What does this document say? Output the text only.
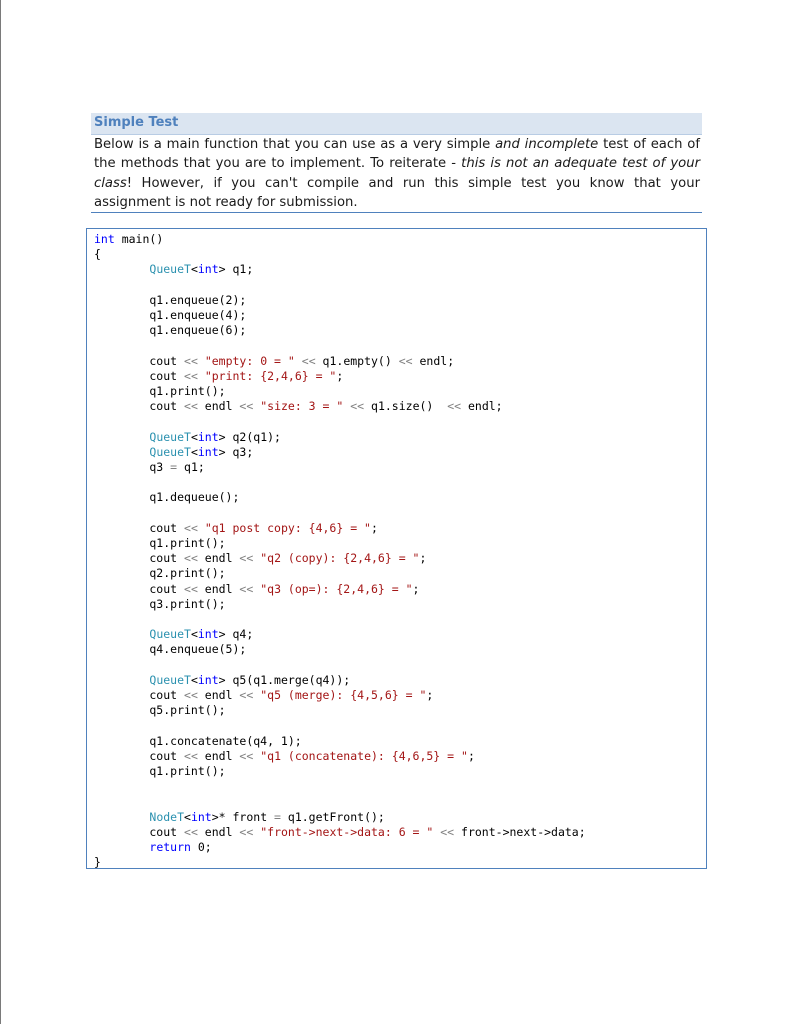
Simple Test

Below is a main function that you can use as a very simple and incomplete test of each of the methods that you are to implement. To reiterate - this is not an adequate test of your class! However, if you can't compile and run this simple test you know that your assignment is not ready for submission.

int main()
{
QueueT<int> q1;

q1.enqueue(2);
q1.enqueue(4);
q1.enqueue(6);

cout << "empty: 0 = " << q1.empty() << endl;
cout << "print: {2,4,6} = ";
q1.print();
cout << endl << "size: 3 = " << q1.size()  << endl;

QueueT<int> q2(q1);
QueueT<int> q3;
q3 = q1;

q1.dequeue();

cout << "q1 post copy: {4,6} = ";
q1.print();
cout << endl << "q2 (copy): {2,4,6} = ";
q2.print();
cout << endl << "q3 (op=): {2,4,6} = ";
q3.print();

QueueT<int> q4;
q4.enqueue(5);

QueueT<int> q5(q1.merge(q4));
cout << endl << "q5 (merge): {4,5,6} = ";
q5.print();

q1.concatenate(q4, 1);
cout << endl << "q1 (concatenate): {4,6,5} = ";
q1.print();

NodeT<int>* front = q1.getFront();
cout << endl << "front->next->data: 6 = " << front->next->data;
return 0;
}
